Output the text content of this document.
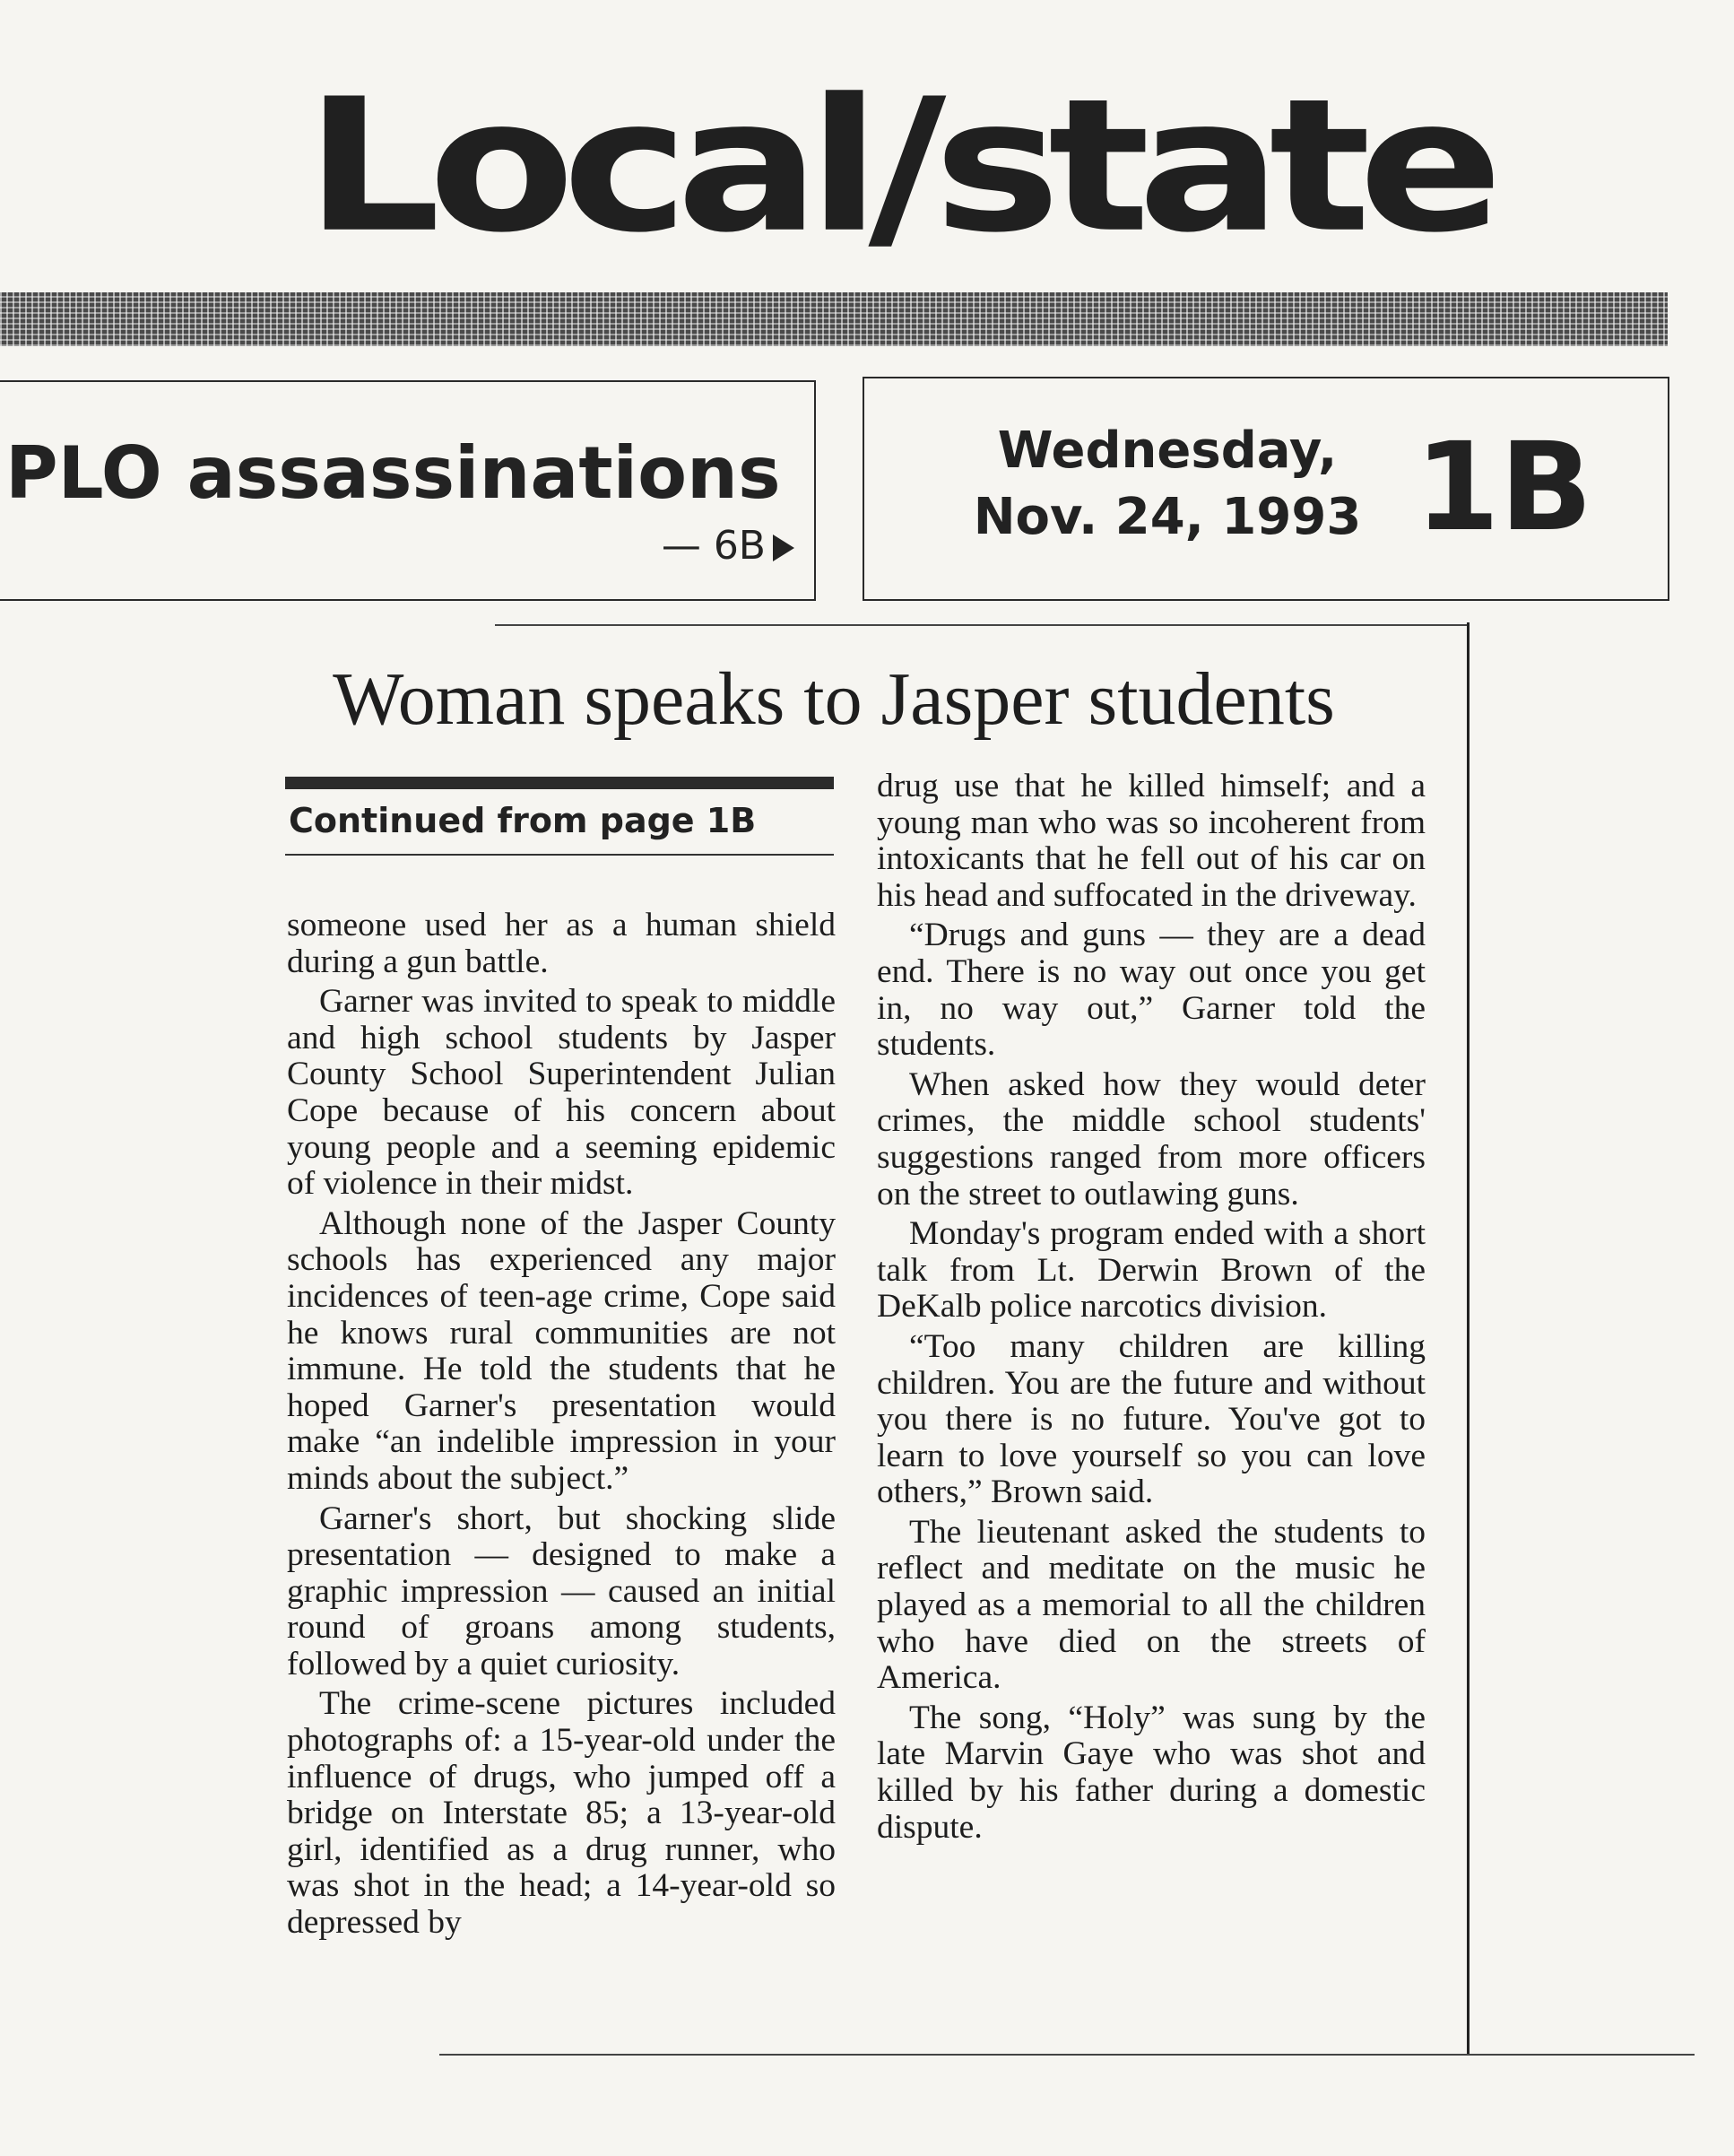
Local/state
PLO assassinations
— 6B
Wednesday,
Nov. 24, 1993 1B
Woman speaks to Jasper students
Continued from page 1B

someone used her as a human shield during a gun battle.

Garner was invited to speak to middle and high school students by Jasper County School Superintendent Julian Cope because of his concern about young people and a seeming epidemic of violence in their midst.

Although none of the Jasper County schools has experienced any major incidences of teen-age crime, Cope said he knows rural communities are not immune. He told the students that he hoped Garner's presentation would make “an indelible impression in your minds about the subject.”

Garner's short, but shocking slide presentation — designed to make a graphic impression — caused an initial round of groans among students, followed by a quiet curiosity.

The crime-scene pictures included photographs of: a 15-year-old under the influence of drugs, who jumped off a bridge on Interstate 85; a 13-year-old girl, identified as a drug runner, who was shot in the head; a 14-year-old so depressed by

drug use that he killed himself; and a young man who was so incoherent from intoxicants that he fell out of his car on his head and suffocated in the driveway.

“Drugs and guns — they are a dead end. There is no way out once you get in, no way out,” Garner told the students.

When asked how they would deter crimes, the middle school students' suggestions ranged from more officers on the street to outlawing guns.

Monday's program ended with a short talk from Lt. Derwin Brown of the DeKalb police narcotics division.

“Too many children are killing children. You are the future and without you there is no future. You've got to learn to love yourself so you can love others,” Brown said.

The lieutenant asked the students to reflect and meditate on the music he played as a memorial to all the children who have died on the streets of America.

The song, “Holy” was sung by the late Marvin Gaye who was shot and killed by his father during a domestic dispute.
